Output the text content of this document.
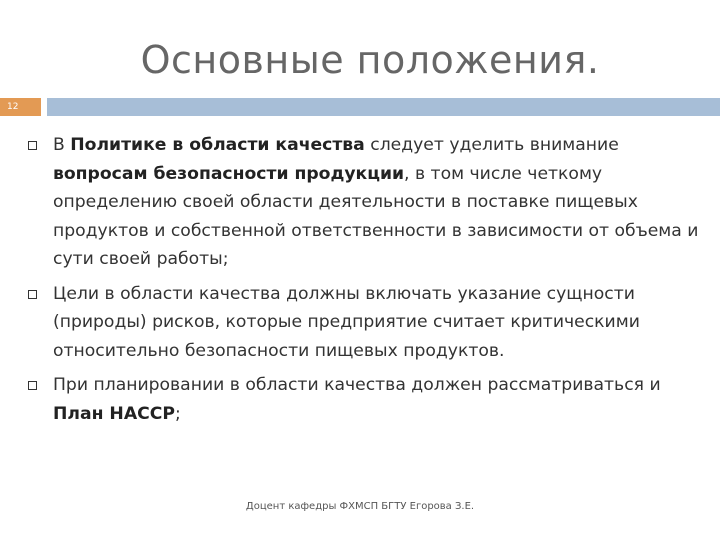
Основные положения.
12
В Политике в области качества следует уделить внимание вопросам безопасности продукции, в том числе четкому определению своей области деятельности в поставке пищевых продуктов и собственной ответственности в зависимости от объема и сути своей работы;
Цели в области качества должны включать указание сущности (природы) рисков, которые предприятие считает критическими относительно безопасности пищевых продуктов.
При планировании в области качества должен рассматриваться и План НАССР;
Доцент кафедры ФХМСП БГТУ Егорова З.Е.
